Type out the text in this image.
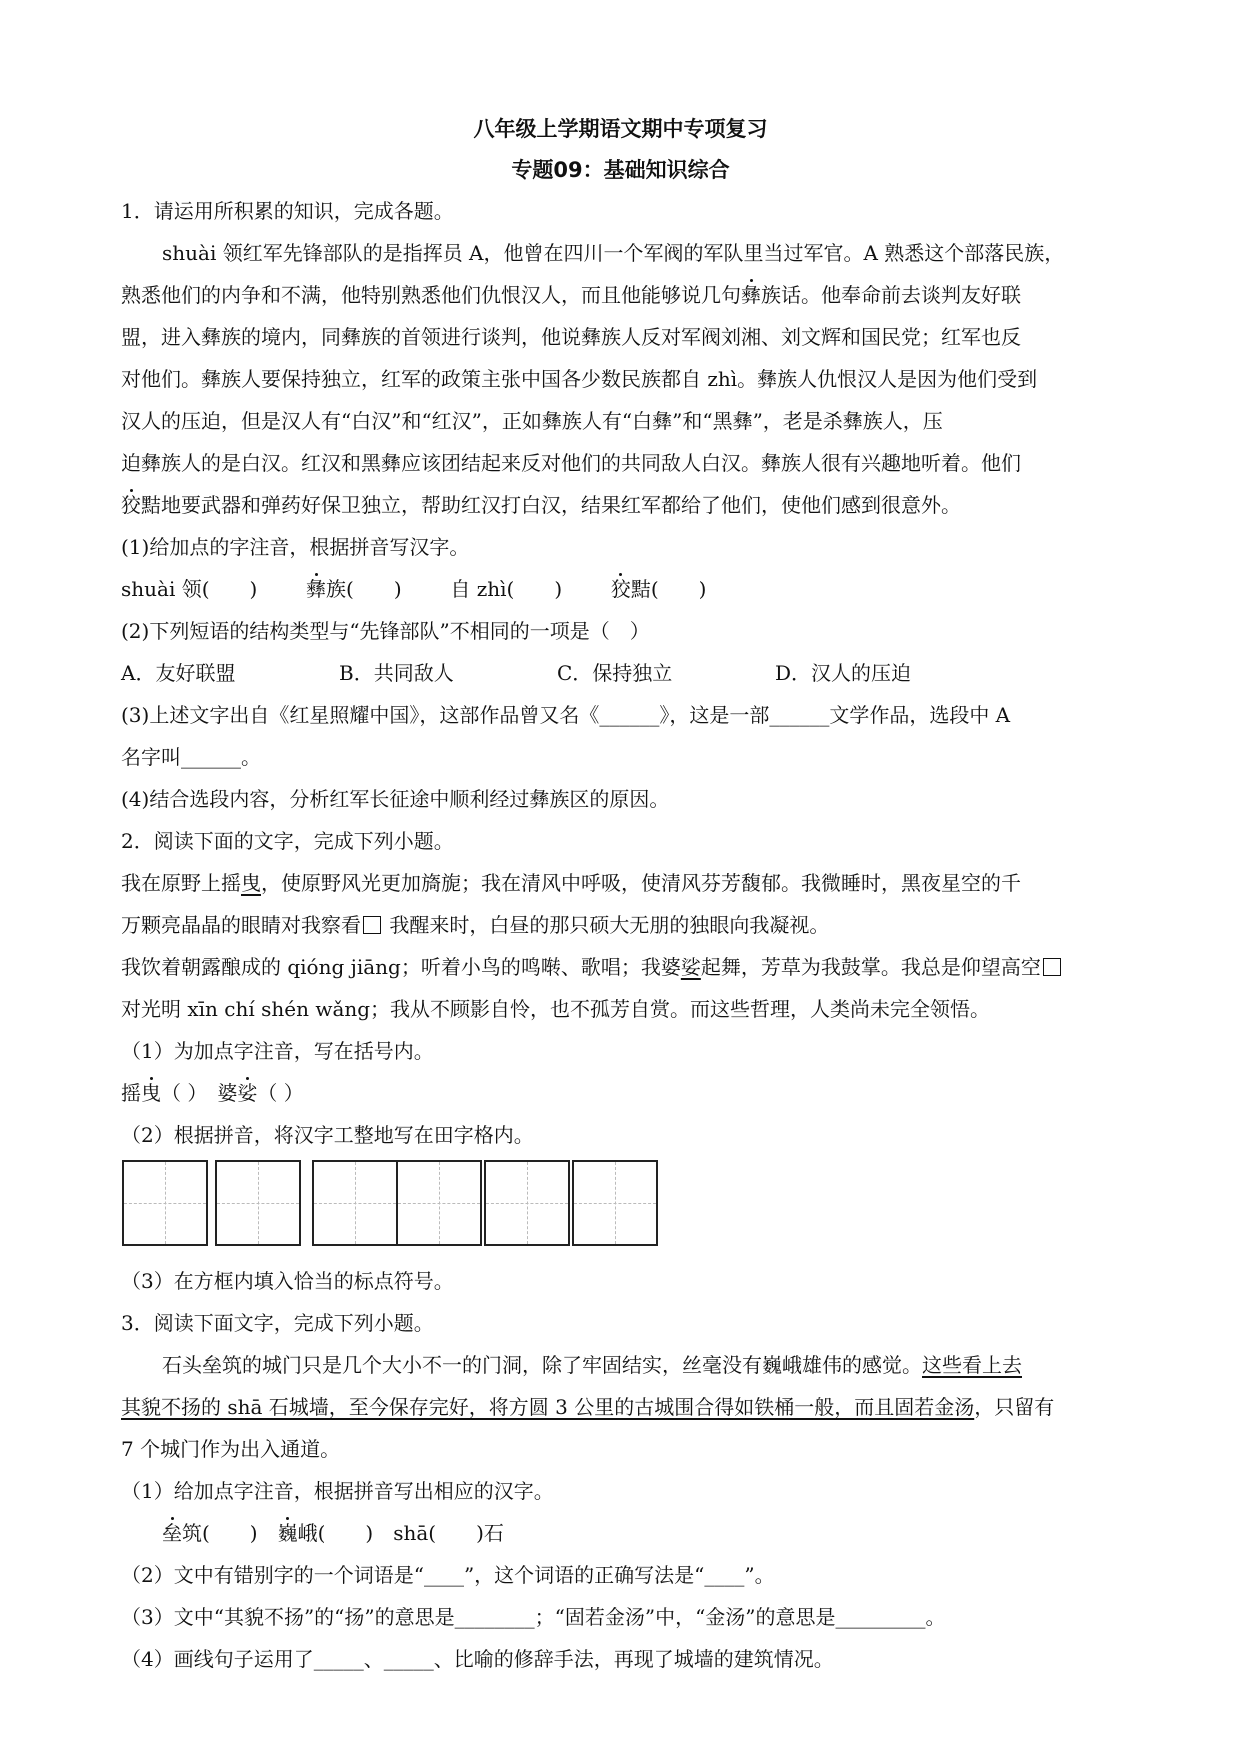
八年级上学期语文期中专项复习
专题09：基础知识综合
1．请运用所积累的知识，完成各题。
shuài 领红军先锋部队的是指挥员 A，他曾在四川一个军阀的军队里当过军官。A 熟悉这个部落民族，
熟悉他们的内争和不满，他特别熟悉他们仇恨汉人，而且他能够说几句彝族话。他奉命前去谈判友好联
盟，进入彝族的境内，同彝族的首领进行谈判，他说彝族人反对军阀刘湘、刘文辉和国民党；红军也反
对他们。彝族人要保持独立，红军的政策主张中国各少数民族都自 zhì。彝族人仇恨汉人是因为他们受到
汉人的压迫，但是汉人有“白汉”和“红汉”，正如彝族人有“白彝”和“黑彝”，老是杀彝族人，压
迫彝族人的是白汉。红汉和黑彝应该团结起来反对他们的共同敌人白汉。彝族人很有兴趣地听着。他们
狡黠地要武器和弹药好保卫独立，帮助红汉打白汉，结果红军都给了他们，使他们感到很意外。
(1)给加点的字注音，根据拼音写汉字。
shuài 领(　　) 彝族(　　) 自 zhì(　　) 狡黠(　　)
(2)下列短语的结构类型与“先锋部队”不相同的一项是（　）
A．友好联盟	B．共同敌人	C．保持独立	D．汉人的压迫
(3)上述文字出自《红星照耀中国》，这部作品曾又名《______》，这是一部______文学作品，选段中 A
名字叫______。
(4)结合选段内容，分析红军长征途中顺利经过彝族区的原因。
2．阅读下面的文字，完成下列小题。
我在原野上摇曳，使原野风光更加旖旎；我在清风中呼吸，使清风芬芳馥郁。我微睡时，黑夜星空的千
万颗亮晶晶的眼睛对我察看 我醒来时，白昼的那只硕大无朋的独眼向我凝视。
我饮着朝露酿成的 qióng jiāng；听着小鸟的鸣啭、歌唱；我婆娑起舞，芳草为我鼓掌。我总是仰望高空
对光明 xīn chí shén wǎng；我从不顾影自怜，也不孤芳自赏。而这些哲理，人类尚未完全领悟。
（1）为加点字注音，写在括号内。
摇曳（ ）　婆娑（ ）
（2）根据拼音，将汉字工整地写在田字格内。
（3）在方框内填入恰当的标点符号。
3．阅读下面文字，完成下列小题。
石头垒筑的城门只是几个大小不一的门洞，除了牢固结实，丝毫没有巍峨雄伟的感觉。这些看上去
其貌不扬的 shā 石城墙，至今保存完好，将方圆 3 公里的古城围合得如铁桶一般，而且固若金汤，只留有
7 个城门作为出入通道。
（1）给加点字注音，根据拼音写出相应的汉字。
垒筑(　　)　巍峨(　　)　shā(　　)石
（2）文中有错别字的一个词语是“____”，这个词语的正确写法是“____”。
（3）文中“其貌不扬”的“扬”的意思是________；“固若金汤”中，“金汤”的意思是_________。
（4）画线句子运用了_____、_____、比喻的修辞手法，再现了城墙的建筑情况。
